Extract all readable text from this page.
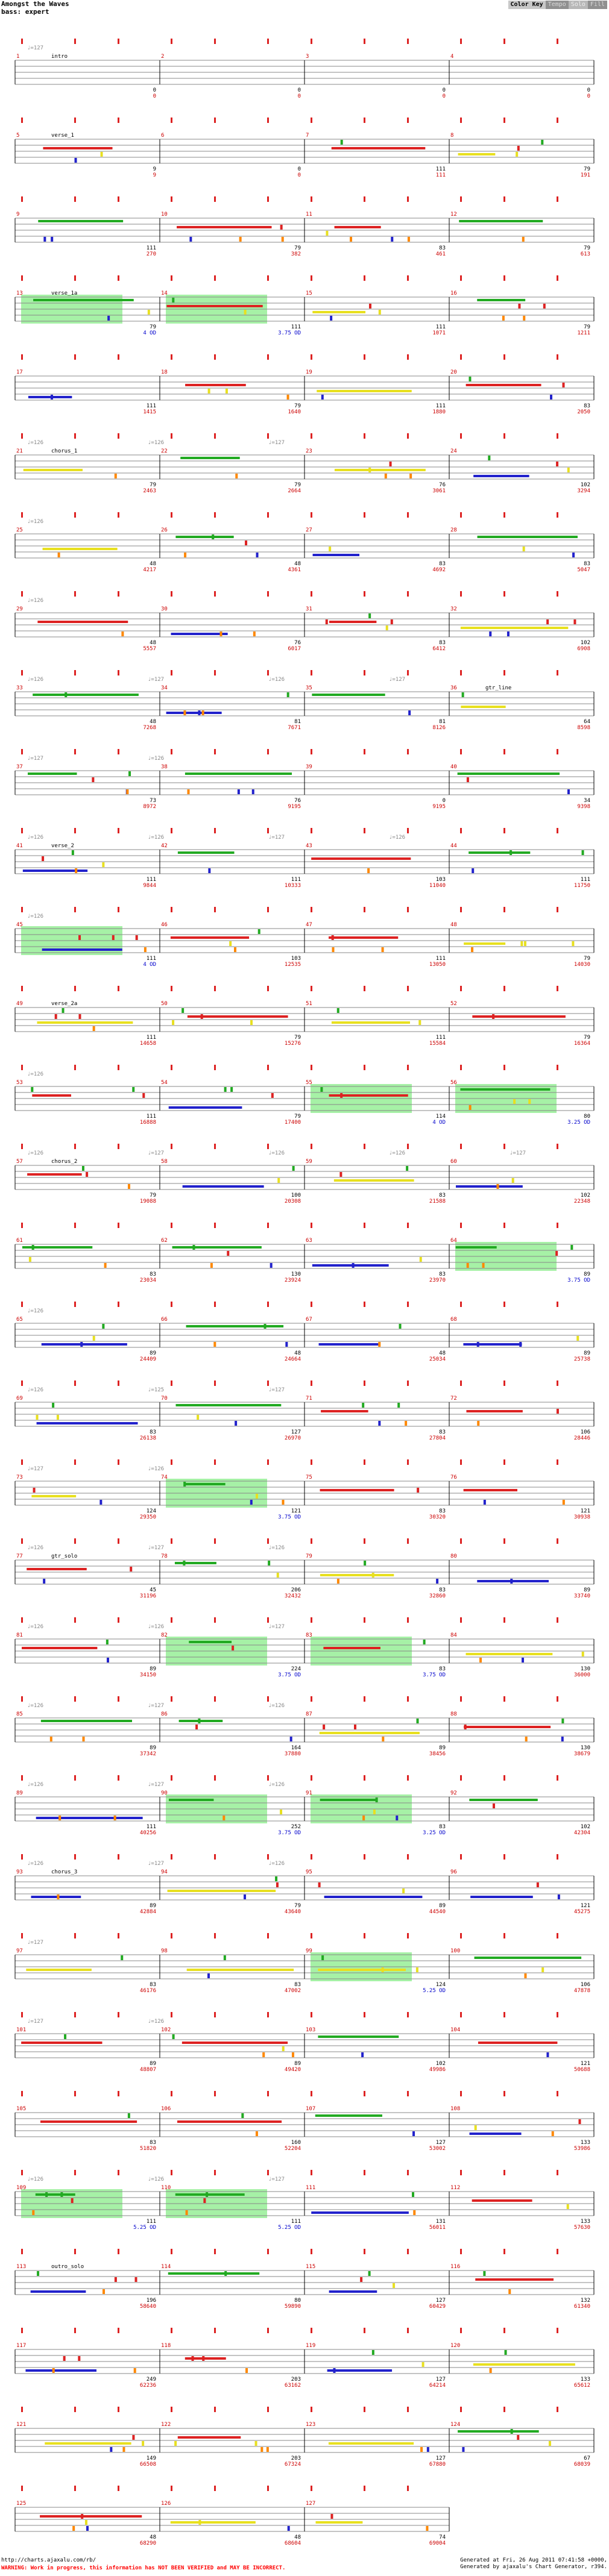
Amongst the Waves
bass: expert
Color Key Tempo Solo Fill
1	intro
0
0
2
0
0
3
0
0
4
0
0
♩=127
5	verse_1
9
9
6
0
0
7
111
111
8
79
191
9
111
270
10
79
382
11
83
461
12
79
613
13	verse_1a
79
4 OD
14
111
3.75 OD
15
111
1071
16
79
1211
17
111
1415
18
79
1640
19
111
1880
20
83
2050
21	chorus_1
79
2463
22
79
2664
23
76
3061
24
102
3294
♩=126	♩=126	♩=127
25
48
4217
26
48
4361
27
83
4692
28
83
5047
♩=126
29
48
5557
30
76
6017
31
83
6412
32
102
6908
♩=126
33
48
7268
34
81
7671
35
81
8126
36	gtr_line
64
8598
♩=126	♩=127	♩=126	♩=127
37
73
8972
38
76
9195
39
0
9195
40
34
9398
♩=127	♩=126
41	verse_2
111
9844
42
111
10333
43
103
11040
44
111
11750
♩=126	♩=126	♩=127	♩=126
45
111
4 OD
46
103
12535
47
111
13050
48
79
14030
♩=126
49	verse_2a
111
14658
50
79
15276
51
111
15584
52
79
16364
53
111
16888
54
79
17400
55
114
4 OD
56
80
3.25 OD
♩=126
57	chorus_2
79
19088
58
100
20308
59
83
21588
60
102
22348
♩=126	♩=127	♩=126	♩=126	♩=127
61
83
23034
62
130
23924
63
83
23970
64
89
3.75 OD
65
89
24409
66
48
24664
67
48
25034
68
89
25738
♩=126
69
83
26138
70
127
26970
71
83
27804
72
106
28446
♩=126	♩=125	♩=127
73
124
29350
74
121
3.75 OD
75
83
30320
76
121
30938
♩=127	♩=126
77	gtr_solo
45
31196
78
206
32432
79
83
32860
80
89
33740
♩=126	♩=127	♩=126
81
89
34150
82
224
3.75 OD
83
83
3.75 OD
84
130
36000
♩=126	♩=126	♩=127
85
89
37342
86
164
37880
87
89
38456
88
130
38679
♩=126	♩=127	♩=126
89
111
40256
90
252
3.75 OD
91
83
3.25 OD
92
102
42304
♩=126	♩=127	♩=126
93	chorus_3
89
42884
94
79
43640
95
89
44540
96
121
45275
♩=126	♩=127	♩=126
97
83
46176
98
83
47002
99
124
5.25 OD
100
106
47878
♩=127
101
89
48807
102
89
49420
103
102
49986
104
121
50688
♩=127	♩=126
105
83
51820
106
160
52204
107
127
53002
108
133
53986
109
111
5.25 OD
110
111
5.25 OD
111
131
56011
112
133
57630
♩=126	♩=126	♩=127
113	outro_solo
196
58640
114
80
59890
115
127
60429
116
132
61340
117
249
62236
118
203
63162
119
127
64214
120
133
65612
121
149
66508
122
203
67324
123
127
67880
124
67
68039
125
48
68290
126
48
68604
127
74
69004
http://charts.ajaxalu.com/rb/	Generated at Fri, 26 Aug 2011 07:41:58 +0000,
Generated by ajaxalu's Chart Generator, r394.
WARNING: Work in progress, this information has NOT BEEN VERIFIED and MAY BE INCORRECT.
